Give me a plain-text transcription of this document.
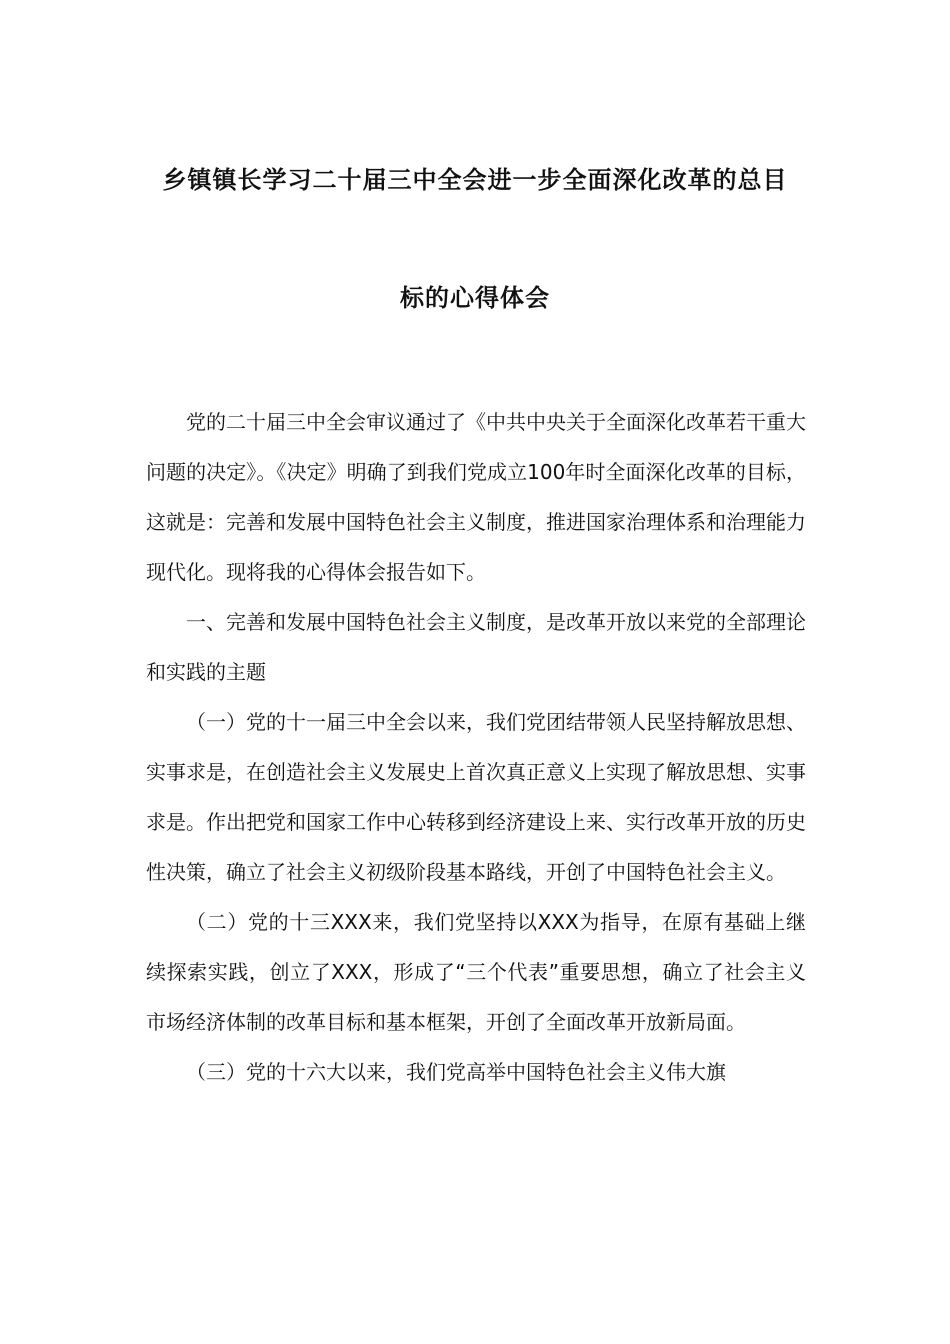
乡镇镇长学习二十届三中全会进一步全面深化改革的总目
标的心得体会

党的二十届三中全会审议通过了《中共中央关于全面深化改革若干重大问题的决定》。《决定》明确了到我们党成立100年时全面深化改革的目标，这就是：完善和发展中国特色社会主义制度，推进国家治理体系和治理能力现代化。现将我的心得体会报告如下。

一、完善和发展中国特色社会主义制度，是改革开放以来党的全部理论和实践的主题

（一）党的十一届三中全会以来，我们党团结带领人民坚持解放思想、实事求是，在创造社会主义发展史上首次真正意义上实现了解放思想、实事求是。作出把党和国家工作中心转移到经济建设上来、实行改革开放的历史性决策，确立了社会主义初级阶段基本路线，开创了中国特色社会主义。

（二）党的十三XXX来，我们党坚持以XXX为指导，在原有基础上继续探索实践，创立了XXX，形成了“三个代表”重要思想，确立了社会主义市场经济体制的改革目标和基本框架，开创了全面改革开放新局面。

（三）党的十六大以来，我们党高举中国特色社会主义伟大旗
